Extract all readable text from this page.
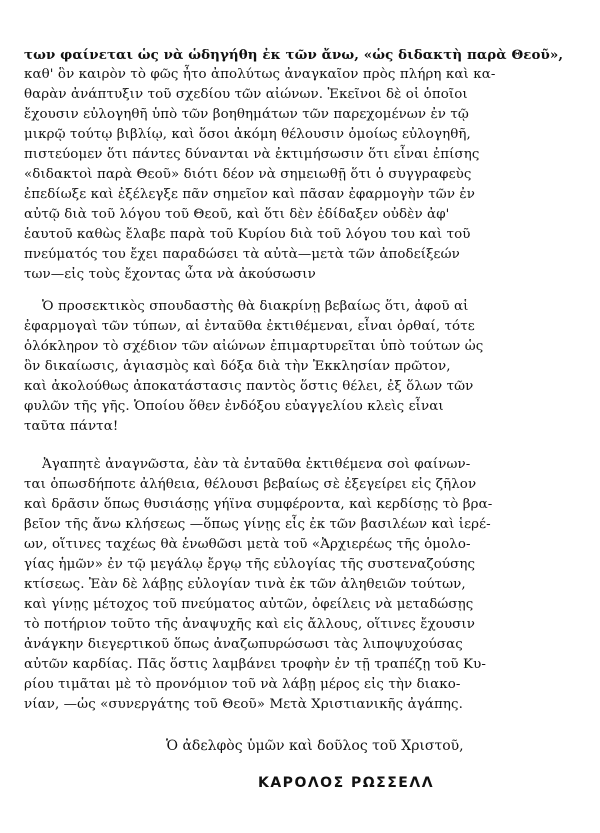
των φαίνεται ὡς νὰ ὡδηγήθη ἐκ τῶν ἄνω, «ὡς διδακτὴ παρὰ Θεοῦ»,
καθ' ὃν καιρὸν τὸ φῶς ἦτο ἀπολύτως ἀναγκαῖον πρὸς πλήρη καὶ κα-
θαρὰν ἀνάπτυξιν τοῦ σχεδίου τῶν αἰώνων. Ἐκεῖνοι δὲ οἱ ὁποῖοι
ἔχουσιν εὐλογηθῆ ὑπὸ τῶν βοηθημάτων τῶν παρεχομένων ἐν τῷ
μικρῷ τούτῳ βιβλίῳ, καὶ ὅσοι ἀκόμη θέλουσιν ὁμοίως εὐλογηθῆ,
πιστεύομεν ὅτι πάντες δύνανται νὰ ἐκτιμήσωσιν ὅτι εἶναι ἐπίσης
«διδακτοὶ παρὰ Θεοῦ» διότι δέον νὰ σημειωθῇ ὅτι ὁ συγγραφεὺς
ἐπεδίωξε καὶ ἐξέλεγξε πᾶν σημεῖον καὶ πᾶσαν ἐφαρμογὴν τῶν ἐν
αὐτῷ διὰ τοῦ λόγου τοῦ Θεοῦ, καὶ ὅτι δὲν ἐδίδαξεν οὐδὲν ἀφ'
ἑαυτοῦ καθὼς ἔλαβε παρὰ τοῦ Κυρίου διὰ τοῦ λόγου του καὶ τοῦ
πνεύματός του ἔχει παραδώσει τὰ αὐτὰ—μετὰ τῶν ἀποδείξεών
των—εἰς τοὺς ἔχοντας ὦτα νὰ ἀκούσωσιν
Ὁ προσεκτικὸς σπουδαστὴς θὰ διακρίνῃ βεβαίως ὅτι, ἀφοῦ αἱ
ἐφαρμογαὶ τῶν τύπων, αἱ ἐνταῦθα ἐκτιθέμεναι, εἶναι ὀρθαί, τότε
ὁλόκληρον τὸ σχέδιον τῶν αἰώνων ἐπιμαρτυρεῖται ὑπὸ τούτων ὡς
ὃν δικαίωσις, ἁγιασμὸς καὶ δόξα διὰ τὴν Ἐκκλησίαν πρῶτον,
καὶ ἀκολούθως ἀποκατάστασις παντὸς ὅστις θέλει, ἐξ ὅλων τῶν
φυλῶν τῆς γῆς. Ὁποίου ὅθεν ἐνδόξου εὐαγγελίου κλεὶς εἶναι
ταῦτα πάντα!
Ἀγαπητὲ ἀναγνῶστα, ἐὰν τὰ ἐνταῦθα ἐκτιθέμενα σοὶ φαίνων-
ται ὁπωσδήποτε ἀλήθεια, θέλουσι βεβαίως σὲ ἐξεγείρει εἰς ζῆλον
καὶ δρᾶσιν ὅπως θυσιάσῃς γήϊνα συμφέροντα, καὶ κερδίσῃς τὸ βρα-
βεῖον τῆς ἄνω κλήσεως —ὅπως γίνῃς εἷς ἐκ τῶν βασιλέων καὶ ἱερέ-
ων, οἵτινες ταχέως θὰ ἑνωθῶσι μετὰ τοῦ «Ἀρχιερέως τῆς ὁμολο-
γίας ἡμῶν» ἐν τῷ μεγάλῳ ἔργῳ τῆς εὐλογίας τῆς συστεναζούσης
κτίσεως. Ἐὰν δὲ λάβῃς εὐλογίαν τινὰ ἐκ τῶν ἀληθειῶν τούτων,
καὶ γίνῃς μέτοχος τοῦ πνεύματος αὐτῶν, ὀφείλεις νὰ μεταδώσῃς
τὸ ποτήριον τοῦτο τῆς ἀναψυχῆς καὶ εἰς ἄλλους, οἵτινες ἔχουσιν
ἀνάγκην διεγερτικοῦ ὅπως ἀναζωπυρώσωσι τὰς λιποψυχούσας
αὐτῶν καρδίας. Πᾶς ὅστις λαμβάνει τροφὴν ἐν τῇ τραπέζῃ τοῦ Κυ-
ρίου τιμᾶται μὲ τὸ προνόμιον τοῦ νὰ λάβῃ μέρος εἰς τὴν διακο-
νίαν, —ὡς «συνεργάτης τοῦ Θεοῦ» Μετὰ Χριστιανικῆς ἀγάπης.
Ὁ ἀδελφὸς ὑμῶν καὶ δοῦλος τοῦ Χριστοῦ,
ΚΑΡΟΛΟΣ ΡΩΣΣΕΛΛ
